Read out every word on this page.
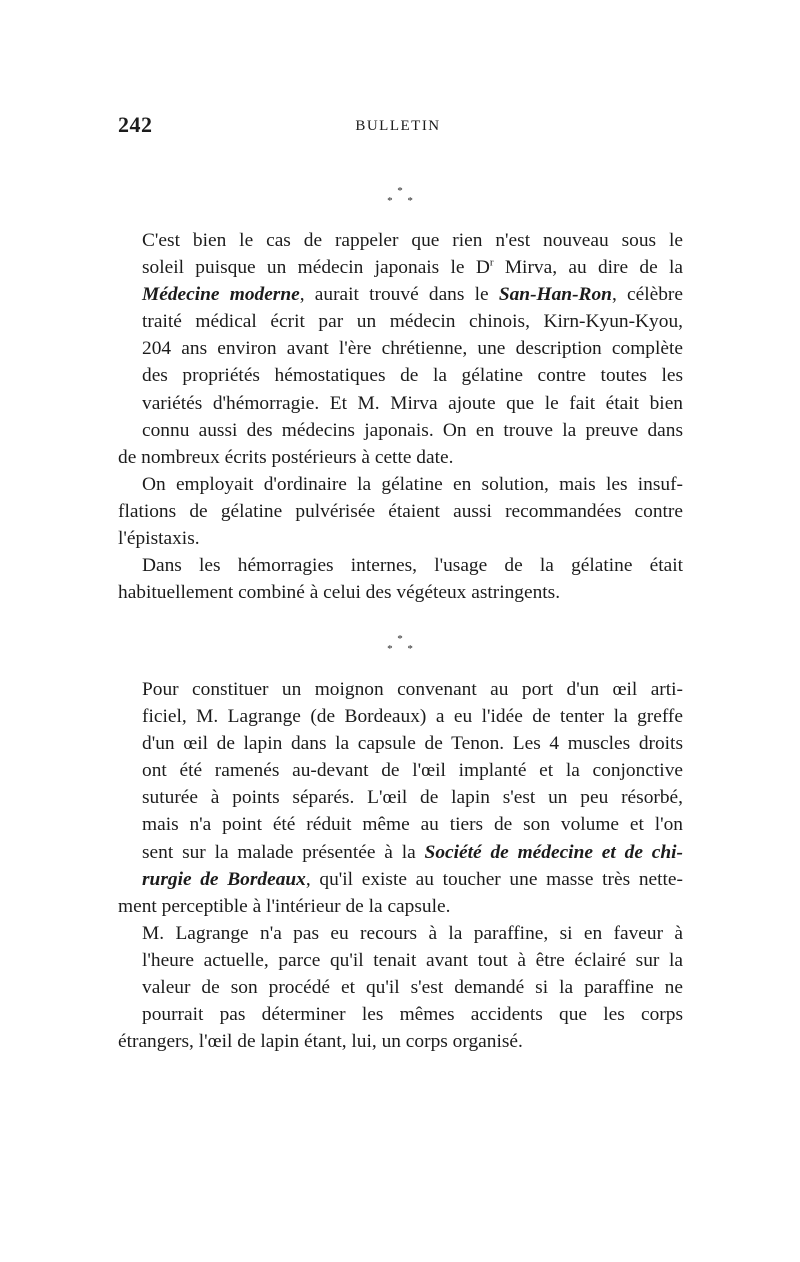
242	BULLETIN
*
* *

C'est bien le cas de rappeler que rien n'est nouveau sous le
soleil puisque un médecin japonais le $D^r$ Mirva, au dire de la
Médecine moderne, aurait trouvé dans le San-Han-Ron, célèbre
traité médical écrit par un médecin chinois, Kirn-Kyun-Kyou,
204 ans environ avant l'ère chrétienne, une description complète
des propriétés hémostatiques de la gélatine contre toutes les
variétés d'hémorragie. Et M. Mirva ajoute que le fait était bien
connu aussi des médecins japonais. On en trouve la preuve dans

de nombreux écrits postérieurs à cette date.

On employait d'ordinaire la gélatine en solution, mais les insuf-
flations de gélatine pulvérisée étaient aussi recommandées contre

l'épistaxis.

Dans les hémorragies internes, l'usage de la gélatine était

habituellement combiné à celui des végéteux astringents.

*
* *

Pour constituer un moignon convenant au port d'un œil arti-
ficiel, M. Lagrange (de Bordeaux) a eu l'idée de tenter la greffe
d'un œil de lapin dans la capsule de Tenon. Les 4 muscles droits
ont été ramenés au-devant de l'œil implanté et la conjonctive
suturée à points séparés. L'œil de lapin s'est un peu résorbé,
mais n'a point été réduit même au tiers de son volume et l'on
sent sur la malade présentée à la Société de médecine et de chi-
rurgie de Bordeaux, qu'il existe au toucher une masse très nette-

ment perceptible à l'intérieur de la capsule.

M. Lagrange n'a pas eu recours à la paraffine, si en faveur à
l'heure actuelle, parce qu'il tenait avant tout à être éclairé sur la
valeur de son procédé et qu'il s'est demandé si la paraffine ne
pourrait pas déterminer les mêmes accidents que les corps

étrangers, l'œil de lapin étant, lui, un corps organisé.
